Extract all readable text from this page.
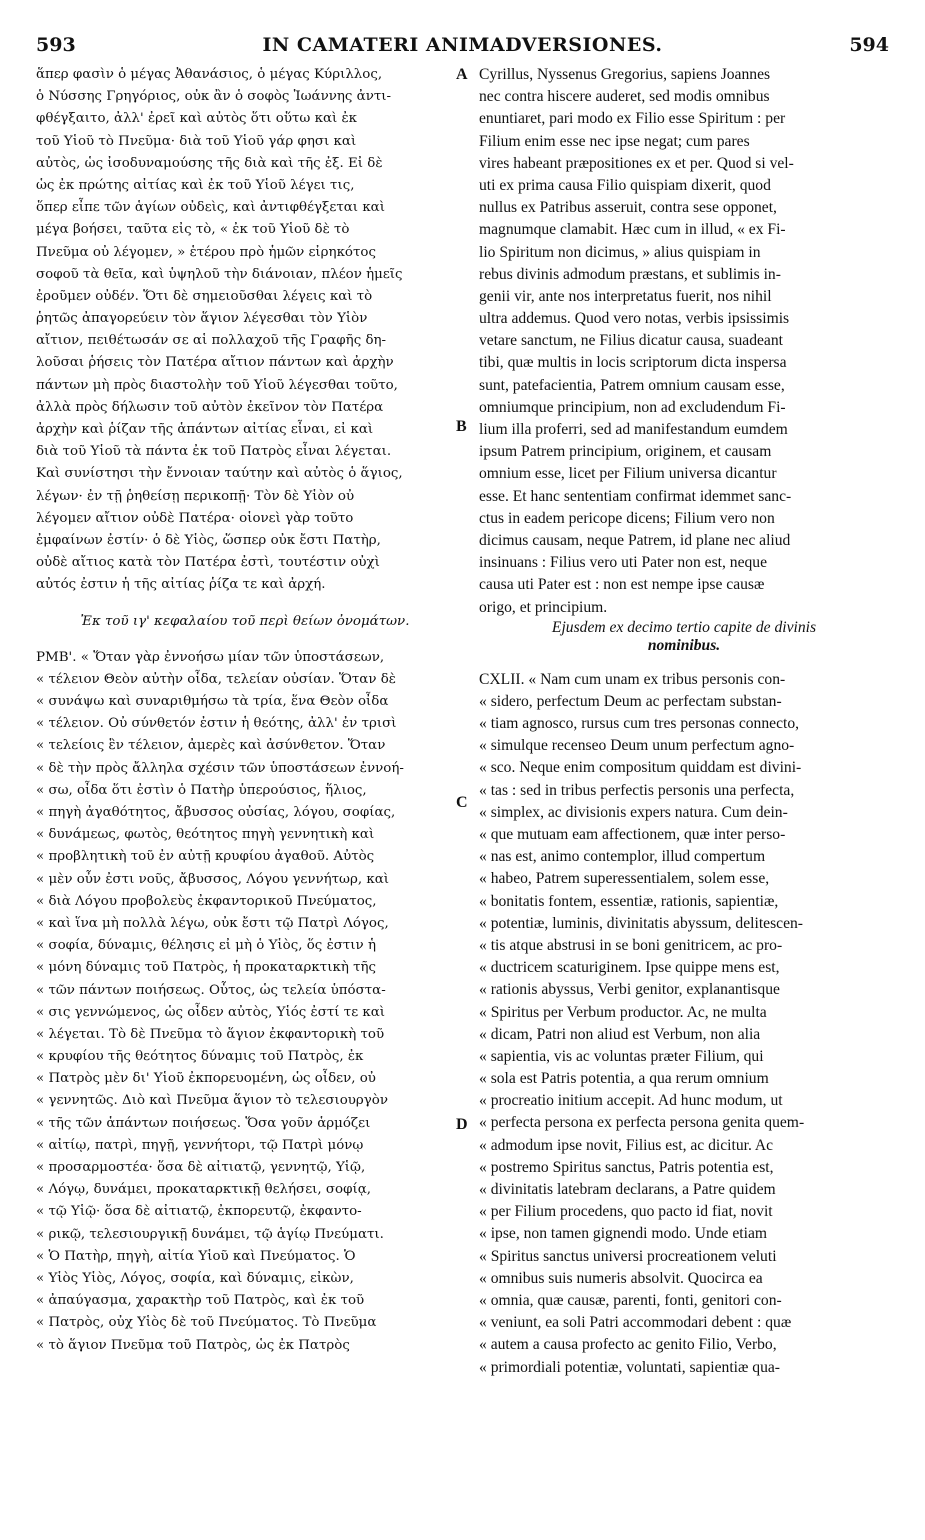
593	IN CAMATERI ANIMADVERSIONES.	594
ἅπερ φασὶν ὁ μέγας Ἀθανάσιος, ὁ μέγας Κύριλλος,
ὁ Νύσσης Γρηγόριος, οὐκ ἂν ὁ σοφὸς Ἰωάννης ἀντι-
φθέγξαιτο, ἀλλ' ἐρεῖ καὶ αὐτὸς ὅτι οὕτω καὶ ἐκ
τοῦ Υἱοῦ τὸ Πνεῦμα· διὰ τοῦ Υἱοῦ γάρ φησι καὶ
αὐτὸς, ὡς ἰσοδυναμούσης τῆς διὰ καὶ τῆς ἐξ. Εἰ δὲ
ὡς ἐκ πρώτης αἰτίας καὶ ἐκ τοῦ Υἱοῦ λέγει τις,
ὅπερ εἶπε τῶν ἁγίων οὐδεὶς, καὶ ἀντιφθέγξεται καὶ
μέγα βοήσει, ταῦτα εἰς τὸ, « ἐκ τοῦ Υἱοῦ δὲ τὸ
Πνεῦμα οὐ λέγομεν, » ἑτέρου πρὸ ἡμῶν εἰρηκότος
σοφοῦ τὰ θεῖα, καὶ ὑψηλοῦ τὴν διάνοιαν, πλέον ἡμεῖς
ἐροῦμεν οὐδέν. Ὅτι δὲ σημειοῦσθαι λέγεις καὶ τὸ
ῥητῶς ἀπαγορεύειν τὸν ἅγιον λέγεσθαι τὸν Υἱὸν
αἴτιον, πειθέτωσάν σε αἱ πολλαχοῦ τῆς Γραφῆς δη-
λοῦσαι ῥήσεις τὸν Πατέρα αἴτιον πάντων καὶ ἀρχὴν
πάντων μὴ πρὸς διαστολὴν τοῦ Υἱοῦ λέγεσθαι τοῦτο,
ἀλλὰ πρὸς δήλωσιν τοῦ αὐτὸν ἐκεῖνον τὸν Πατέρα
ἀρχὴν καὶ ῥίζαν τῆς ἁπάντων αἰτίας εἶναι, εἰ καὶ
διὰ τοῦ Υἱοῦ τὰ πάντα ἐκ τοῦ Πατρὸς εἶναι λέγεται.
Καὶ συνίστησι τὴν ἔννοιαν ταύτην καὶ αὐτὸς ὁ ἅγιος,
λέγων· ἐν τῇ ῥηθείσῃ περικοπῇ· Τὸν δὲ Υἱὸν οὐ
λέγομεν αἴτιον οὐδὲ Πατέρα· οἱονεὶ γὰρ τοῦτο
ἐμφαίνων ἐστίν· ὁ δὲ Υἱὸς, ὥσπερ οὐκ ἔστι Πατὴρ,
οὐδὲ αἴτιος κατὰ τὸν Πατέρα ἐστὶ, τουτέστιν οὐχὶ
αὐτός ἐστιν ἡ τῆς αἰτίας ῥίζα τε καὶ ἀρχή.
Ἐκ τοῦ ιγ' κεφαλαίου τοῦ περὶ θείων ὀνομάτων.
ΡΜΒ'. « Ὅταν γὰρ ἐννοήσω μίαν τῶν ὑποστάσεων,
« τέλειον Θεὸν αὐτὴν οἶδα, τελείαν οὐσίαν. Ὅταν δὲ
« συνάψω καὶ συναριθμήσω τὰ τρία, ἕνα Θεὸν οἶδα
« τέλειον. Οὐ σύνθετόν ἐστιν ἡ θεότης, ἀλλ' ἐν τρισὶ
« τελείοις ἓν τέλειον, ἀμερὲς καὶ ἀσύνθετον. Ὅταν
« δὲ τὴν πρὸς ἄλληλα σχέσιν τῶν ὑποστάσεων ἐννοή-
« σω, οἶδα ὅτι ἐστὶν ὁ Πατὴρ ὑπερούσιος, ἥλιος,
« πηγὴ ἀγαθότητος, ἄβυσσος οὐσίας, λόγου, σοφίας,
« δυνάμεως, φωτὸς, θεότητος πηγὴ γεννητικὴ καὶ
« προβλητικὴ τοῦ ἐν αὐτῇ κρυφίου ἀγαθοῦ. Αὐτὸς
« μὲν οὖν ἐστι νοῦς, ἄβυσσος, Λόγου γεννήτωρ, καὶ
« διὰ Λόγου προβολεὺς ἐκφαντορικοῦ Πνεύματος,
« καὶ ἵνα μὴ πολλὰ λέγω, οὐκ ἔστι τῷ Πατρὶ Λόγος,
« σοφία, δύναμις, θέλησις εἰ μὴ ὁ Υἱὸς, ὅς ἐστιν ἡ
« μόνη δύναμις τοῦ Πατρὸς, ἡ προκαταρκτικὴ τῆς
« τῶν πάντων ποιήσεως. Οὗτος, ὡς τελεία ὑπόστα-
« σις γεννώμενος, ὡς οἶδεν αὐτὸς, Υἱός ἐστί τε καὶ
« λέγεται. Τὸ δὲ Πνεῦμα τὸ ἅγιον ἐκφαντορικὴ τοῦ
« κρυφίου τῆς θεότητος δύναμις τοῦ Πατρὸς, ἐκ
« Πατρὸς μὲν δι' Υἱοῦ ἐκπορευομένη, ὡς οἶδεν, οὐ
« γεννητῶς. Διὸ καὶ Πνεῦμα ἅγιον τὸ τελεσιουργὸν
« τῆς τῶν ἁπάντων ποιήσεως. Ὅσα γοῦν ἁρμόζει
« αἰτίῳ, πατρὶ, πηγῇ, γεννήτορι, τῷ Πατρὶ μόνῳ
« προσαρμοστέα· ὅσα δὲ αἰτιατῷ, γεννητῷ, Υἱῷ,
« Λόγῳ, δυνάμει, προκαταρκτικῇ θελήσει, σοφίᾳ,
« τῷ Υἱῷ· ὅσα δὲ αἰτιατῷ, ἐκπορευτῷ, ἐκφαντο-
« ρικῷ, τελεσιουργικῇ δυνάμει, τῷ ἁγίῳ Πνεύματι.
« Ὁ Πατὴρ, πηγὴ, αἰτία Υἱοῦ καὶ Πνεύματος. Ὁ
« Υἱὸς Υἱὸς, Λόγος, σοφία, καὶ δύναμις, εἰκὼν,
« ἀπαύγασμα, χαρακτὴρ τοῦ Πατρὸς, καὶ ἐκ τοῦ
« Πατρὸς, οὐχ Υἱὸς δὲ τοῦ Πνεύματος. Τὸ Πνεῦμα
« τὸ ἅγιον Πνεῦμα τοῦ Πατρὸς, ὡς ἐκ Πατρὸς
A
B
C
D
Cyrillus, Nyssenus Gregorius, sapiens Joannes
nec contra hiscere auderet, sed modis omnibus
enuntiaret, pari modo ex Filio esse Spiritum : per
Filium enim esse nec ipse negat; cum pares
vires habeant præpositiones ex et per. Quod si vel-
uti ex prima causa Filio quispiam dixerit, quod
nullus ex Patribus asseruit, contra sese opponet,
magnumque clamabit. Hæc cum in illud, « ex Fi-
lio Spiritum non dicimus, » alius quispiam in
rebus divinis admodum præstans, et sublimis in-
genii vir, ante nos interpretatus fuerit, nos nihil
ultra addemus. Quod vero notas, verbis ipsissimis
vetare sanctum, ne Filius dicatur causa, suadeant
tibi, quæ multis in locis scriptorum dicta inspersa
sunt, patefacientia, Patrem omnium causam esse,
omniumque principium, non ad excludendum Fi-
lium illa proferri, sed ad manifestandum eumdem
ipsum Patrem principium, originem, et causam
omnium esse, licet per Filium universa dicantur
esse. Et hanc sententiam confirmat idemmet sanc-
ctus in eadem pericope dicens; Filium vero non
dicimus causam, neque Patrem, id plane nec aliud
insinuans : Filius vero uti Pater non est, neque
causa uti Pater est : non est nempe ipse causæ
origo, et principium.
Ejusdem ex decimo tertio capite de divinis
nominibus.
CXLII. « Nam cum unam ex tribus personis con-
« sidero, perfectum Deum ac perfectam substan-
« tiam agnosco, rursus cum tres personas connecto,
« simulque recenseo Deum unum perfectum agno-
« sco. Neque enim compositum quiddam est divini-
« tas : sed in tribus perfectis personis una perfecta,
« simplex, ac divisionis expers natura. Cum dein-
« que mutuam eam affectionem, quæ inter perso-
« nas est, animo contemplor, illud compertum
« habeo, Patrem superessentialem, solem esse,
« bonitatis fontem, essentiæ, rationis, sapientiæ,
« potentiæ, luminis, divinitatis abyssum, delitescen-
« tis atque abstrusi in se boni genitricem, ac pro-
« ductricem scaturiginem. Ipse quippe mens est,
« rationis abyssus, Verbi genitor, explanantisque
« Spiritus per Verbum productor. Ac, ne multa
« dicam, Patri non aliud est Verbum, non alia
« sapientia, vis ac voluntas præter Filium, qui
« sola est Patris potentia, a qua rerum omnium
« procreatio initium accepit. Ad hunc modum, ut
« perfecta persona ex perfecta persona genita quem-
« admodum ipse novit, Filius est, ac dicitur. Ac
« postremo Spiritus sanctus, Patris potentia est,
« divinitatis latebram declarans, a Patre quidem
« per Filium procedens, quo pacto id fiat, novit
« ipse, non tamen gignendi modo. Unde etiam
« Spiritus sanctus universi procreationem veluti
« omnibus suis numeris absolvit. Quocirca ea
« omnia, quæ causæ, parenti, fonti, genitori con-
« veniunt, ea soli Patri accommodari debent : quæ
« autem a causa profecto ac genito Filio, Verbo,
« primordiali potentiæ, voluntati, sapientiæ qua-
